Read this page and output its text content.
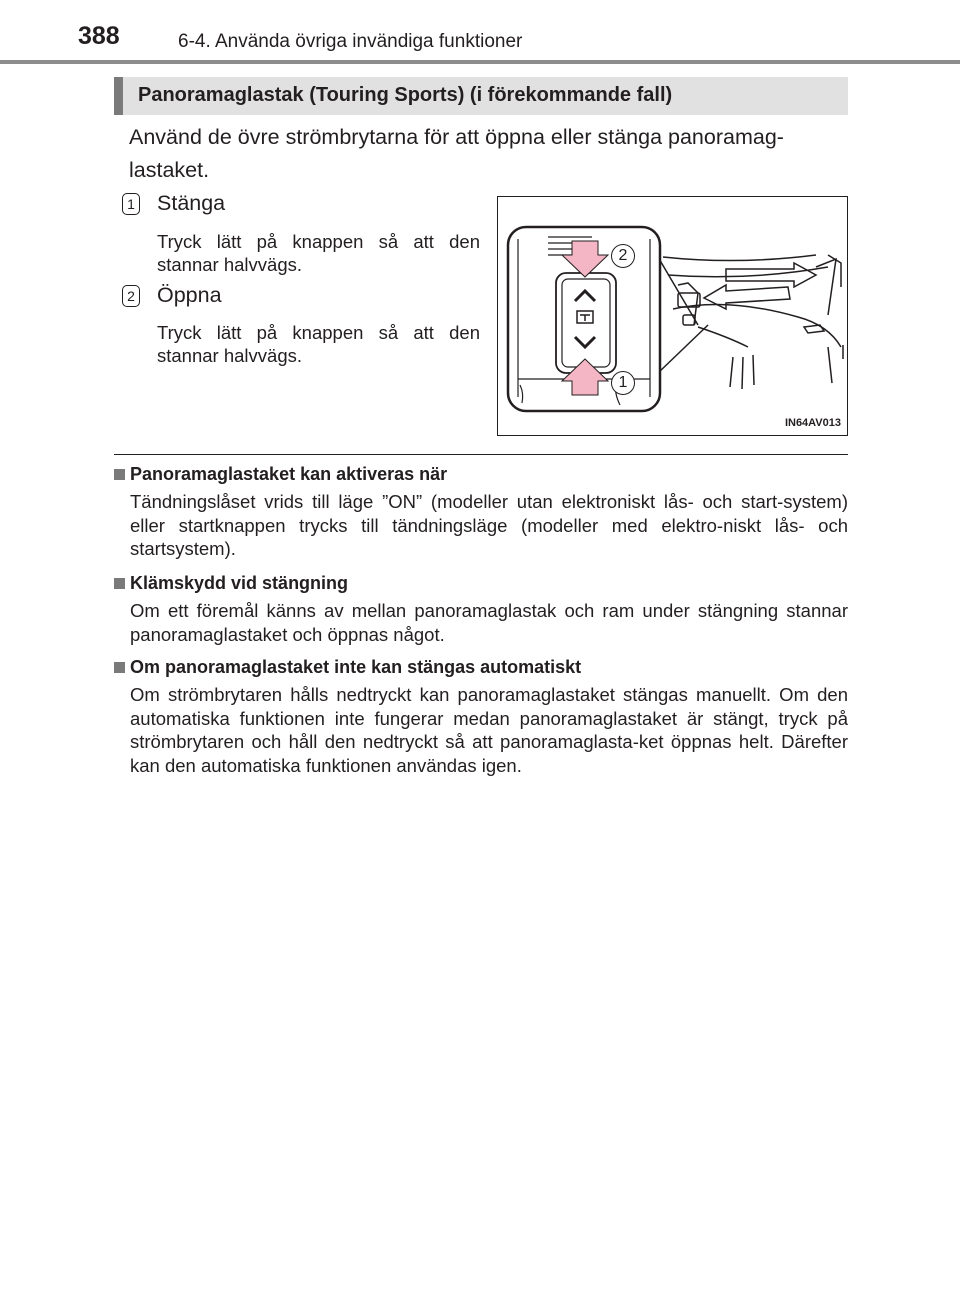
388	6-4. Använda övriga invändiga funktioner
Panoramaglastak (Touring Sports) (i förekommande fall)
Använd de övre strömbrytarna för att öppna eller stänga panoramag-lastaket.
1 Stänga
Tryck lätt på knappen så att den stannar halvvägs.
2 Öppna
Tryck lätt på knappen så att den stannar halvvägs.
2
1
IN64AV013
Panoramaglastaket kan aktiveras när
Tändningslåset vrids till läge ”ON” (modeller utan elektroniskt lås- och start-system) eller startknappen trycks till tändningsläge (modeller med elektro-niskt lås- och startsystem).
Klämskydd vid stängning
Om ett föremål känns av mellan panoramaglastak och ram under stängning stannar panoramaglastaket och öppnas något.
Om panoramaglastaket inte kan stängas automatiskt
Om strömbrytaren hålls nedtryckt kan panoramaglastaket stängas manuellt. Om den automatiska funktionen inte fungerar medan panoramaglastaket är stängt, tryck på strömbrytaren och håll den nedtryckt så att panoramaglasta-ket öppnas helt. Därefter kan den automatiska funktionen användas igen.
